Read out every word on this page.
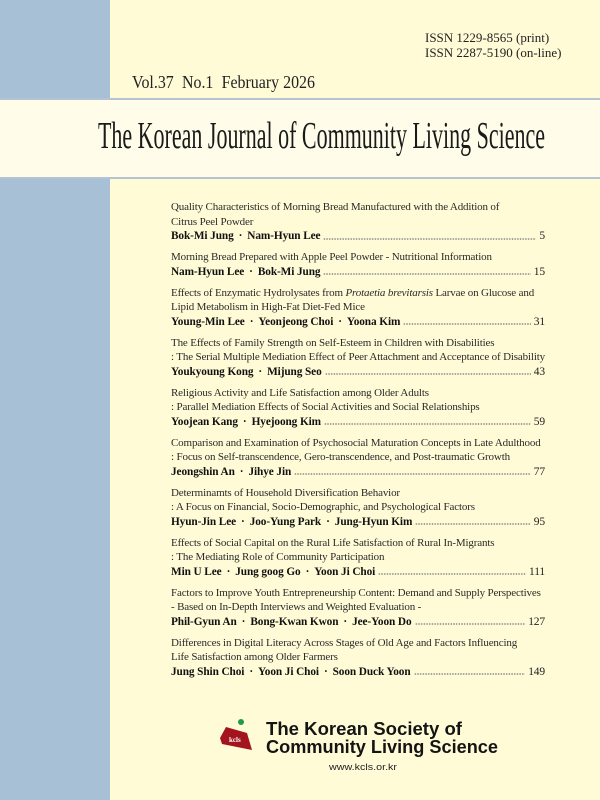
ISSN 1229-8565 (print)
ISSN 2287-5190 (on-line)
Vol.37 No.1 February 2026
The Korean Journal of Community Living Science
Quality Characteristics of Morning Bread Manufactured with the Addition of
Citrus Peel Powder
Bok-Mi Jung · Nam-Hyun Lee	5
Morning Bread Prepared with Apple Peel Powder - Nutritional Information
Nam-Hyun Lee · Bok-Mi Jung	15
Effects of Enzymatic Hydrolysates from Protaetia brevitarsis Larvae on Glucose and
Lipid Metabolism in High-Fat Diet-Fed Mice
Young-Min Lee · Yeonjeong Choi · Yoona Kim	31
The Effects of Family Strength on Self-Esteem in Children with Disabilities
: The Serial Multiple Mediation Effect of Peer Attachment and Acceptance of Disability
Youkyoung Kong · Mijung Seo	43
Religious Activity and Life Satisfaction among Older Adults
: Parallel Mediation Effects of Social Activities and Social Relationships
Yoojean Kang · Hyejoong Kim	59
Comparison and Examination of Psychosocial Maturation Concepts in Late Adulthood
: Focus on Self-transcendence, Gero-transcendence, and Post-traumatic Growth
Jeongshin An · Jihye Jin	77
Determinamts of Household Diversification Behavior
: A Focus on Financial, Socio-Demographic, and Psychological Factors
Hyun-Jin Lee · Joo-Yung Park · Jung-Hyun Kim	95
Effects of Social Capital on the Rural Life Satisfaction of Rural In-Migrants
: The Mediating Role of Community Participation
Min U Lee · Jung goog Go · Yoon Ji Choi	111
Factors to Improve Youth Entrepreneurship Content: Demand and Supply Perspectives
- Based on In-Depth Interviews and Weighted Evaluation -
Phil-Gyun An · Bong-Kwan Kwon · Jee-Yoon Do	127
Differences in Digital Literacy Across Stages of Old Age and Factors Influencing
Life Satisfaction among Older Farmers
Jung Shin Choi · Yoon Ji Choi · Soon Duck Yoon	149
kcls
The Korean Society of
Community Living Science
www.kcls.or.kr
